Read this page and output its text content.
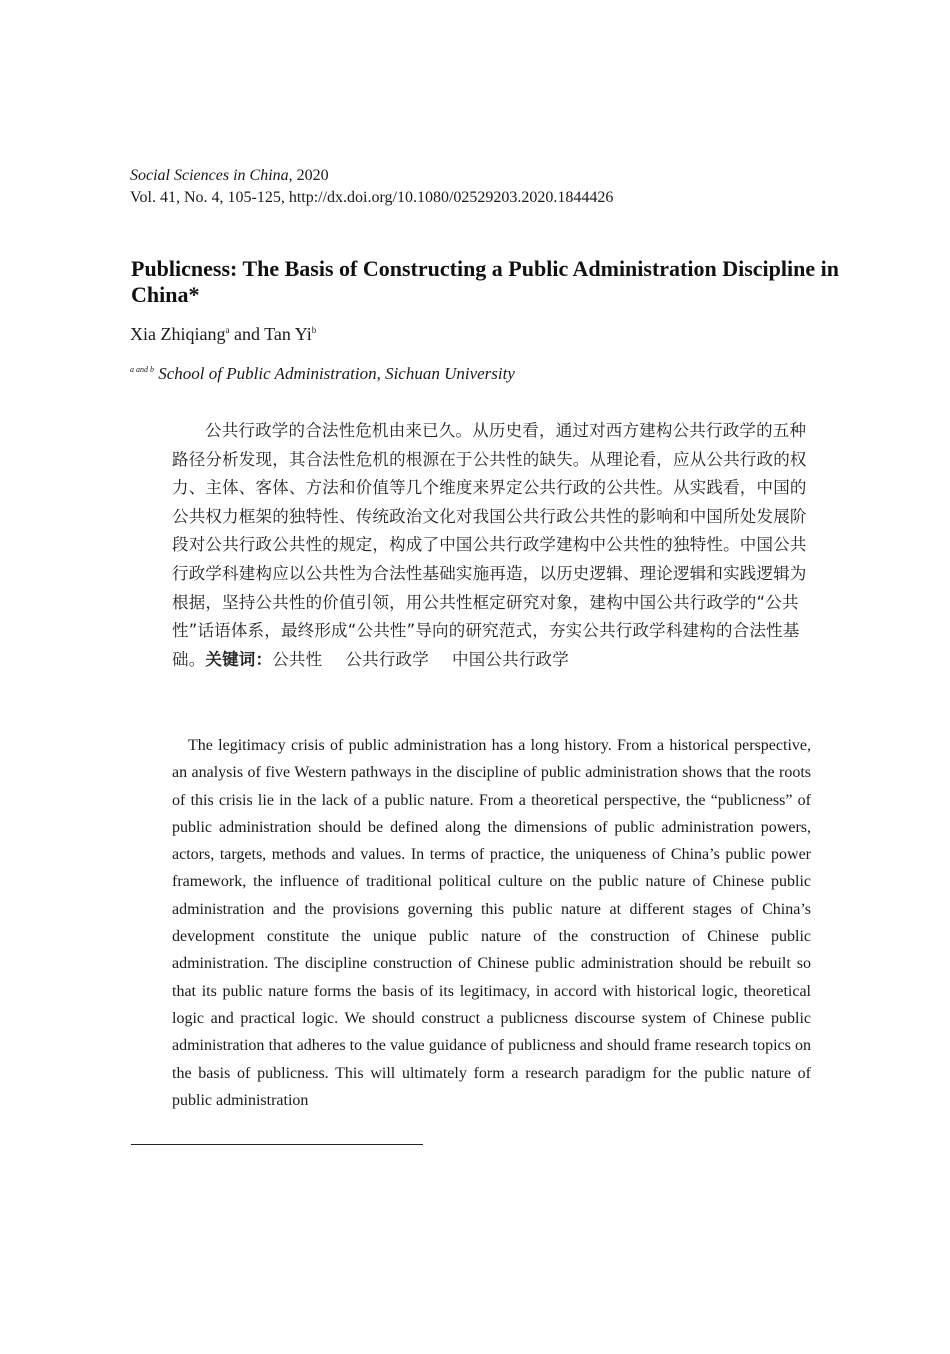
Social Sciences in China, 2020
Vol. 41, No. 4, 105-125, http://dx.doi.org/10.1080/02529203.2020.1844426
Publicness: The Basis of Constructing a Public Administration Discipline in China*
Xia Zhiqiang$^a$ and Tan Yi$^b$
$^{a and b}$ School of Public Administration, Sichuan University
公共行政学的合法性危机由来已久。从历史看，通过对西方建构公共行政学的五种路径分析发现，其合法性危机的根源在于公共性的缺失。从理论看，应从公共行政的权力、主体、客体、方法和价值等几个维度来界定公共行政的公共性。从实践看，中国的公共权力框架的独特性、传统政治文化对我国公共行政公共性的影响和中国所处发展阶段对公共行政公共性的规定，构成了中国公共行政学建构中公共性的独特性。中国公共行政学科建构应以公共性为合法性基础实施再造，以历史逻辑、理论逻辑和实践逻辑为根据，坚持公共性的价值引领，用公共性框定研究对象，建构中国公共行政学的“公共性”话语体系，最终形成“公共性”导向的研究范式，夯实公共行政学科建构的合法性基础。关键词：公共性 公共行政学 中国公共行政学
The legitimacy crisis of public administration has a long history. From a historical perspective, an analysis of five Western pathways in the discipline of public administration shows that the roots of this crisis lie in the lack of a public nature. From a theoretical perspective, the “publicness” of public administration should be defined along the dimensions of public administration powers, actors, targets, methods and values. In terms of practice, the uniqueness of China’s public power framework, the influence of traditional political culture on the public nature of Chinese public administration and the provisions governing this public nature at different stages of China’s development constitute the unique public nature of the construction of Chinese public administration. The discipline construction of Chinese public administration should be rebuilt so that its public nature forms the basis of its legitimacy, in accord with historical logic, theoretical logic and practical logic. We should construct a publicness discourse system of Chinese public administration that adheres to the value guidance of publicness and should frame research topics on the basis of publicness. This will ultimately form a research paradigm for the public nature of public administration
